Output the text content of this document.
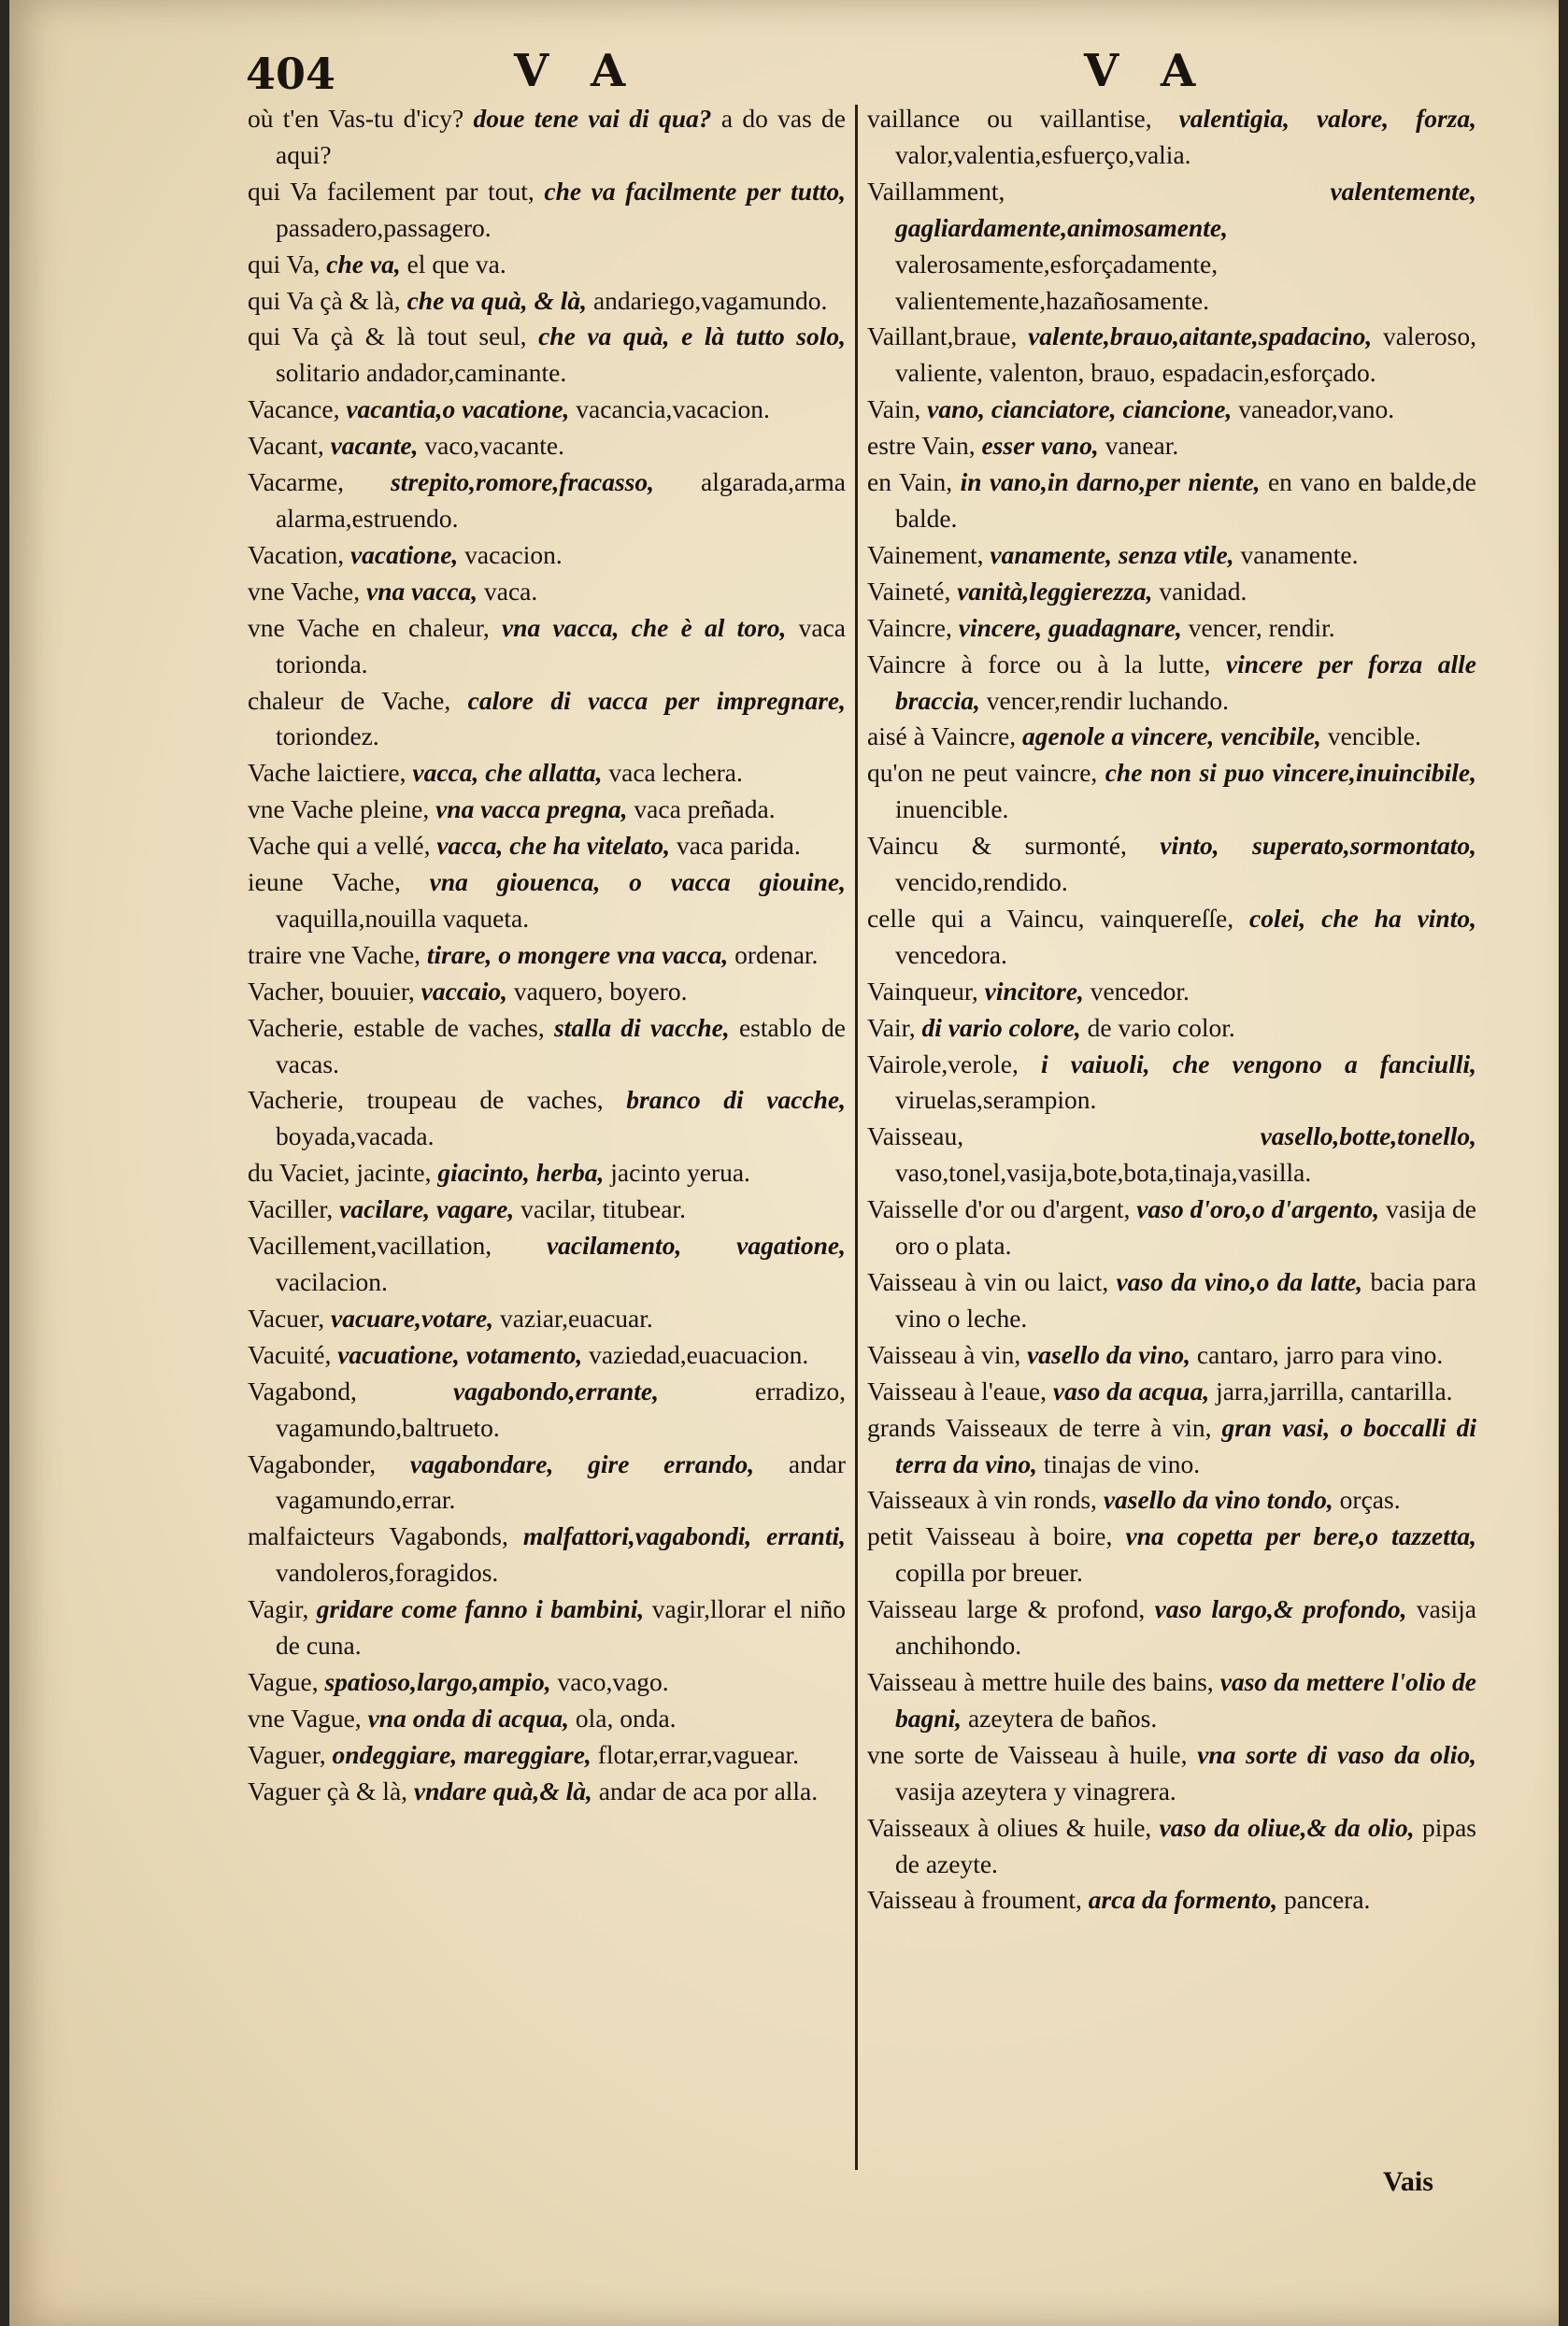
404	V A	V A

où t'en Vas-tu d'icy? doue tene vai di qua? a do vas de aqui?

qui Va facilement par tout, che va facilmente per tutto, passadero,passagero.

qui Va, che va, el que va.

qui Va çà & là, che va quà, & là, andariego,vagamundo.

qui Va çà & là tout seul, che va quà, e là tutto solo, solitario andador,caminante.

Vacance, vacantia,o vacatione, vacancia,vacacion.

Vacant, vacante, vaco,vacante.

Vacarme, strepito,romore,fracasso, algarada,arma alarma,estruendo.

Vacation, vacatione, vacacion.

vne Vache, vna vacca, vaca.

vne Vache en chaleur, vna vacca, che è al toro, vaca torionda.

chaleur de Vache, calore di vacca per impregnare, toriondez.

Vache laictiere, vacca, che allatta, vaca lechera.

vne Vache pleine, vna vacca pregna, vaca preñada.

Vache qui a vellé, vacca, che ha vitelato, vaca parida.

ieune Vache, vna giouenca, o vacca giouine, vaquilla,nouilla vaqueta.

traire vne Vache, tirare, o mongere vna vacca, ordenar.

Vacher, bouuier, vaccaio, vaquero, boyero.

Vacherie, estable de vaches, stalla di vacche, establo de vacas.

Vacherie, troupeau de vaches, branco di vacche, boyada,vacada.

du Vaciet, jacinte, giacinto, herba, jacinto yerua.

Vaciller, vacilare, vagare, vacilar, titubear.

Vacillement,vacillation, vacilamento, vagatione, vacilacion.

Vacuer, vacuare,votare, vaziar,euacuar.

Vacuité, vacuatione, votamento, vaziedad,euacuacion.

Vagabond,	vagabondo,errante,	erradizo, vagamundo,baltrueto.

Vagabonder, vagabondare, gire errando, andar vagamundo,errar.

malfaicteurs Vagabonds, malfattori,vagabondi, erranti, vandoleros,foragidos.

Vagir, gridare come fanno i bambini, vagir,llorar el niño de cuna.

Vague, spatioso,largo,ampio, vaco,vago.

vne Vague, vna onda di acqua, ola, onda.

Vaguer, ondeggiare, mareggiare, flotar,errar,vaguear.

Vaguer çà & là, vndare quà,& là, andar de aca por alla.

vaillance ou vaillantise, valentigia, valore, forza, valor,valentia,esfuerço,valia.

Vaillamment,	valentemente, gagliardamente,animosamente, valerosamente,esforçadamente, valientemente,hazañosamente.

Vaillant,braue, valente,brauo,aitante,spadacino, valeroso, valiente, valenton, brauo, espadacin,esforçado.

Vain, vano, cianciatore, ciancione, vaneador,vano.

estre Vain, esser vano, vanear.

en Vain, in vano,in darno,per niente, en vano en balde,de balde.

Vainement, vanamente, senza vtile, vanamente.

Vaineté, vanità,leggierezza, vanidad.

Vaincre, vincere, guadagnare, vencer, rendir.

Vaincre à force ou à la lutte, vincere per forza alle braccia, vencer,rendir luchando.

aisé à Vaincre, agenole a vincere, vencibile, vencible.

qu'on ne peut vaincre, che non si puo vincere,inuincibile, inuencible.

Vaincu & surmonté, vinto, superato,sormontato, vencido,rendido.

celle qui a Vaincu, vainquereſſe, colei, che ha vinto, vencedora.

Vainqueur, vincitore, vencedor.

Vair, di vario colore, de vario color.

Vairole,verole, i vaiuoli, che vengono a fanciulli, viruelas,serampion.

Vaisseau,	vasello,botte,tonello, vaso,tonel,vasija,bote,bota,tinaja,vasilla.

Vaisselle d'or ou d'argent, vaso d'oro,o d'argento, vasija de oro o plata.

Vaisseau à vin ou laict, vaso da vino,o da latte, bacia para vino o leche.

Vaisseau à vin, vasello da vino, cantaro, jarro para vino.

Vaisseau à l'eaue, vaso da acqua, jarra,jarrilla, cantarilla.

grands Vaisseaux de terre à vin, gran vasi, o boccalli di terra da vino, tinajas de vino.

Vaisseaux à vin ronds, vasello da vino tondo, orças.

petit Vaisseau à boire, vna copetta per bere,o tazzetta, copilla por breuer.

Vaisseau large & profond, vaso largo,& profondo, vasija anchihondo.

Vaisseau à mettre huile des bains, vaso da mettere l'olio de bagni, azeytera de baños.

vne sorte de Vaisseau à huile, vna sorte di vaso da olio, vasija azeytera y vinagrera.

Vaisseaux à oliues & huile, vaso da oliue,& da olio, pipas de azeyte.

Vaisseau à froument, arca da formento, pancera.

Vais
